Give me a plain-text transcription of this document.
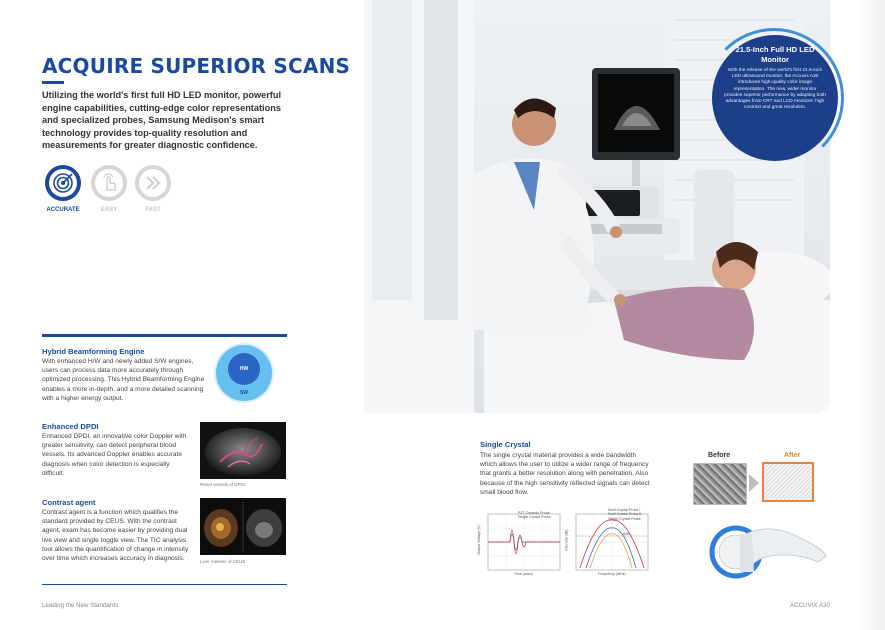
ACQUIRE SUPERIOR SCANS
Utilizing the world's first full HD LED monitor, powerful engine capabilities, cutting-edge color representations and specialized probes, Samsung Medison's smart technology provides top-quality resolution and measurements for greater diagnostic confidence.
ACCURATE	EASY	FAST
Hybrid Beamforming Engine
With enhanced H/W and newly added S/W engines, users can process data more accurately through optimized processing. This Hybrid Beamforming Engine enables a more in-depth, and a more detailed scanning with a higher energy output.
HW
SW
Enhanced DPDI
Enhanced DPDI, an innovative color Doppler with greater sensitivity, can detect peripheral blood vessels. Its advanced Doppler enables accurate diagnosis when color detection is especially difficult.
Renal vessels of DPDI
Contrast agent
Contrast agent is a function which qualifies the standard provided by CEUS. With the contrast agent, exam has become easier by providing dual live view and single toggle view. The TIC analysis tool allows the quantification of change in intensity over time which increases accuracy in diagnosis.	Liver masses of CEUS
Leading the New Standards	ACCUVIX A30
21.5-Inch Full HD LED Monitor
With the release of the world's first 21.5-inch LED ultrasound monitor, the Accuvix A30 introduces high-quality color image representation. The new, wider monitor provides superior performance by adapting both advantages from CRT and LCD monitors: high contrast and great resolution.
Single Crystal
The single crystal material provides a wide bandwidth which allows the user to utilize a wider range of frequency that grants a better resolution along with penetration. Also because of the high sensitivity reflected signals can detect small blood flow.
PZT Ceramic Probe
Single Crystal Probe
Time (usec)
Output Voltage (V)
Multi Crystal Probe I
Multi Crystal Probe II
Single Crystal Probe
-6dB
Frequency (MHz)
Intensity (dB)
Before	After
